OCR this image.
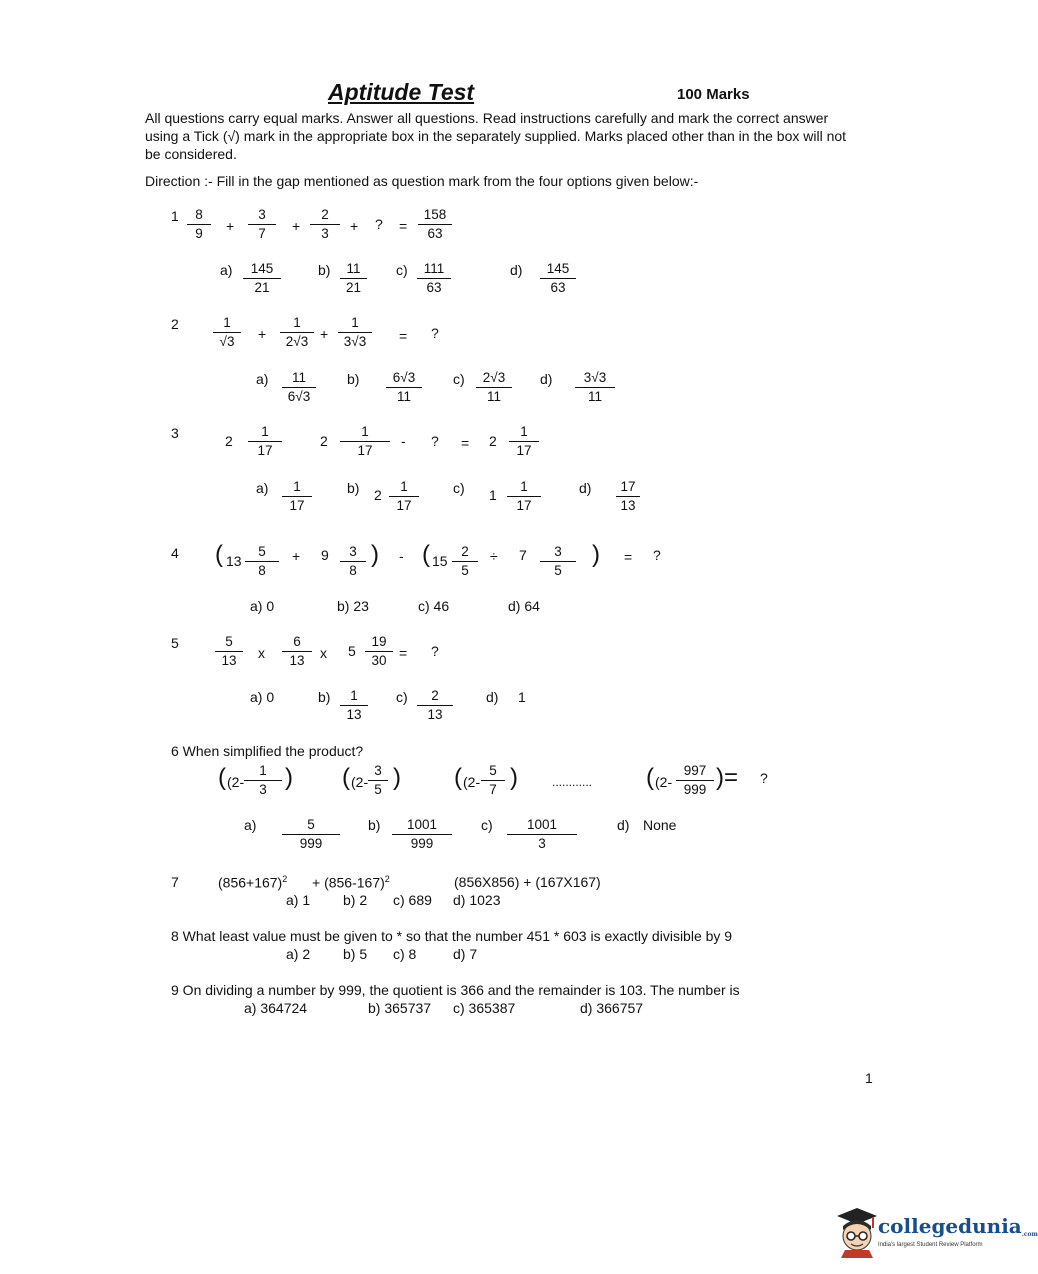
Aptitude Test	100 Marks
All questions carry equal marks. Answer all questions. Read instructions carefully and mark the correct answer using a Tick (√) mark in the appropriate box in the separately supplied. Marks placed other than in the box will not be considered.
Direction :- Fill in the gap mentioned as question mark from the four options given below:-
$1 \frac{8}{9} + \frac{3}{7} + \frac{2}{3}$ + ? = $\frac{158}{63}$
$a) \frac{145}{21}$	$b) \frac{11}{21} c) \frac{111}{63}$	$d) \frac{145}{63}$
2	$\frac{1}{√3} + \frac{1}{2√3} + \frac{1}{3√3}$ = ?
$a) \frac{11}{6√3} b) \frac{6√3}{11} c) \frac{2√3}{11} d) \frac{3√3}{11}$
3	$2 \frac{1}{17}$	$2 \frac{1}{17}$ - ? = $2 \frac{1}{17}$
$a) \frac{1}{17}$	b) $2 \frac{1}{17} c$) $1 \frac{1}{17}$	$d) \frac{17}{13}$
4 ( $13 \frac{5}{8} + 9 \frac{3}{8}$ ) - ( $15 \frac{2}{5} \div 7 \frac{3}{5}$ ) = ?
a) 0	b) 23	c) 46	d) 64
5	$\frac{5}{13}$ x $\frac{6}{13}$ x $5 \frac{19}{30}$ = ?
a) 0	$b) \frac{1}{13} c) \frac{2}{13} d$) 1
6 When simplified the product?
( ($2- \frac{1}{3}$ ) ( ($2- \frac{3}{5}$ ) ( ($2- \frac{5}{7}$ )	............ ( ($2- \frac{997}{999}$ )= ?
$a) \frac{5}{999} b) \frac{1001}{999} c) \frac{1001}{3}$	d) None
7	$(856+167)^2 + (856-167)^2$	(856X856) + (167X167)
a) 1 b) 2 c) 689 d) 1023
8 What least value must be given to * so that the number 451 * 603 is exactly divisible by 9
a) 2 b) 5 c) 8	d) 7
9 On dividing a number by 999, the quotient is 366 and the remainder is 103. The number is
a) 364724	b) 365737 c) 365387	d) 366757
1
collegedunia.com
India's largest Student Review Platform
